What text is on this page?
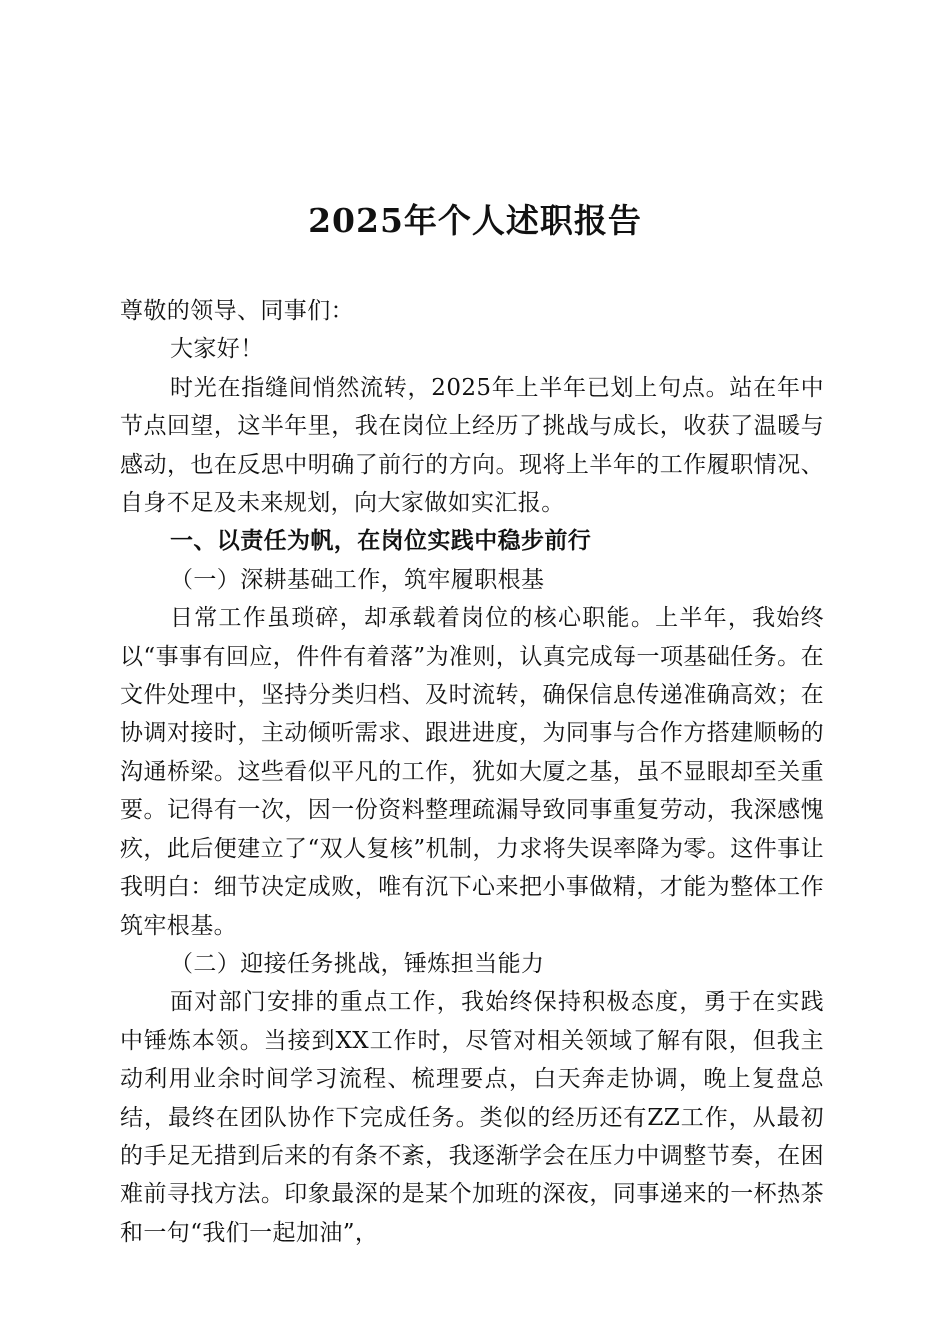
2025年个人述职报告

尊敬的领导、同事们：

大家好！

时光在指缝间悄然流转，2025年上半年已划上句点。站在年中节点回望，这半年里，我在岗位上经历了挑战与成长，收获了温暖与感动，也在反思中明确了前行的方向。现将上半年的工作履职情况、自身不足及未来规划，向大家做如实汇报。

一、以责任为帆，在岗位实践中稳步前行

（一）深耕基础工作，筑牢履职根基

日常工作虽琐碎，却承载着岗位的核心职能。上半年，我始终以“事事有回应，件件有着落”为准则，认真完成每一项基础任务。在文件处理中，坚持分类归档、及时流转，确保信息传递准确高效；在协调对接时，主动倾听需求、跟进进度，为同事与合作方搭建顺畅的沟通桥梁。这些看似平凡的工作，犹如大厦之基，虽不显眼却至关重要。记得有一次，因一份资料整理疏漏导致同事重复劳动，我深感愧疚，此后便建立了“双人复核”机制，力求将失误率降为零。这件事让我明白：细节决定成败，唯有沉下心来把小事做精，才能为整体工作筑牢根基。

（二）迎接任务挑战，锤炼担当能力

面对部门安排的重点工作，我始终保持积极态度，勇于在实践中锤炼本领。当接到XX工作时，尽管对相关领域了解有限，但我主动利用业余时间学习流程、梳理要点，白天奔走协调，晚上复盘总结，最终在团队协作下完成任务。类似的经历还有ZZ工作，从最初的手足无措到后来的有条不紊，我逐渐学会在压力中调整节奏，在困难前寻找方法。印象最深的是某个加班的深夜，同事递来的一杯热茶和一句“我们一起加油”，
